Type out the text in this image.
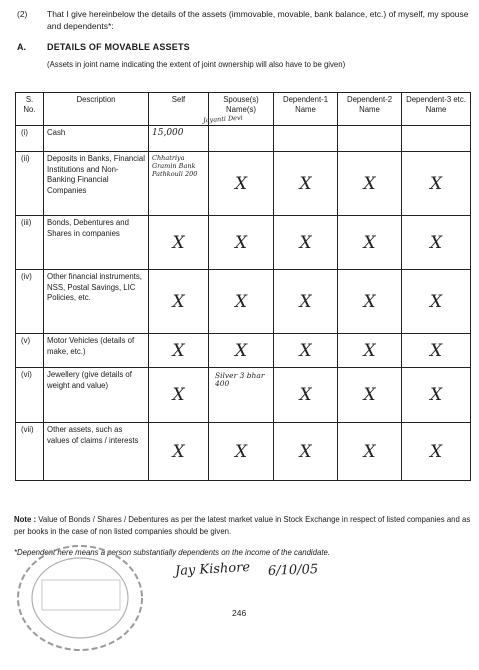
(2) That I give hereinbelow the details of the assets (immovable, movable, bank balance, etc.) of myself, my spouse and dependents*:
A. DETAILS OF MOVABLE ASSETS
(Assets in joint name indicating the extent of joint ownership will also have to be given)
S. No.	Description	Self	Spouse(s) Name(s)	Dependent-1 Name	Dependent-2 Name	Dependent-3 etc. Name
(i)	Cash	15,000				
(ii)	Deposits in Banks, Financial Institutions and Non-Banking Financial Companies	Chhatriya Gramin Bank Pathkouli 200	X	X	X	X

(iii)	Bonds, Debentures and Shares in companies	X	X	X	X	X

(iv)	Other financial instruments, NSS, Postal Savings, LIC Policies, etc.	X	X	X	X	X

(v)	Motor Vehicles (details of make, etc.)	X	X	X	X	X

(vi)	Jewellery (give details of weight and value)	X	Silver 3 bhar 400	X	X	X

(vii)	Other assets, such as values of claims / interests	X	X	X	X	X
Jayanti Devi
Note : Value of Bonds / Shares / Debentures as per the latest market value in Stock Exchange in respect of listed companies and as per books in the case of non listed companies should be given.
*Dependent here means a person substantially dependents on the income of the candidate.
Jay Kishore 6/10/05
246
